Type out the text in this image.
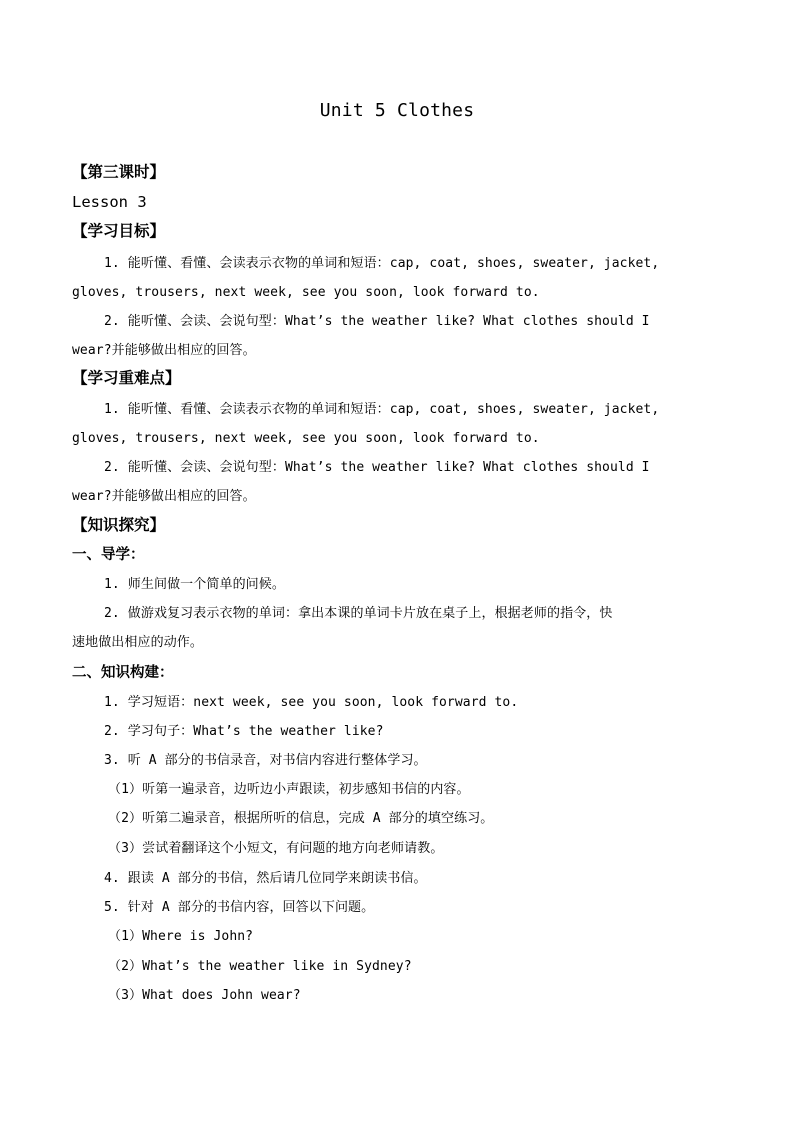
Unit 5 Clothes
【第三课时】
Lesson 3
【学习目标】
1. 能听懂、看懂、会读表示衣物的单词和短语：cap, coat, shoes, sweater, jacket,
gloves, trousers, next week, see you soon, look forward to.
2. 能听懂、会读、会说句型：What’s the weather like? What clothes should I
wear?并能够做出相应的回答。
【学习重难点】
1. 能听懂、看懂、会读表示衣物的单词和短语：cap, coat, shoes, sweater, jacket,
gloves, trousers, next week, see you soon, look forward to.
2. 能听懂、会读、会说句型：What’s the weather like? What clothes should I
wear?并能够做出相应的回答。
【知识探究】
一、导学：
1. 师生间做一个简单的问候。
2. 做游戏复习表示衣物的单词：拿出本课的单词卡片放在桌子上，根据老师的指令，快
速地做出相应的动作。
二、知识构建：
1. 学习短语：next week, see you soon, look forward to.
2. 学习句子：What’s the weather like?
3. 听 A 部分的书信录音，对书信内容进行整体学习。
（1）听第一遍录音，边听边小声跟读，初步感知书信的内容。
（2）听第二遍录音，根据所听的信息，完成 A 部分的填空练习。
（3）尝试着翻译这个小短文，有问题的地方向老师请教。
4. 跟读 A 部分的书信，然后请几位同学来朗读书信。
5. 针对 A 部分的书信内容，回答以下问题。
（1）Where is John?
（2）What’s the weather like in Sydney?
（3）What does John wear?
